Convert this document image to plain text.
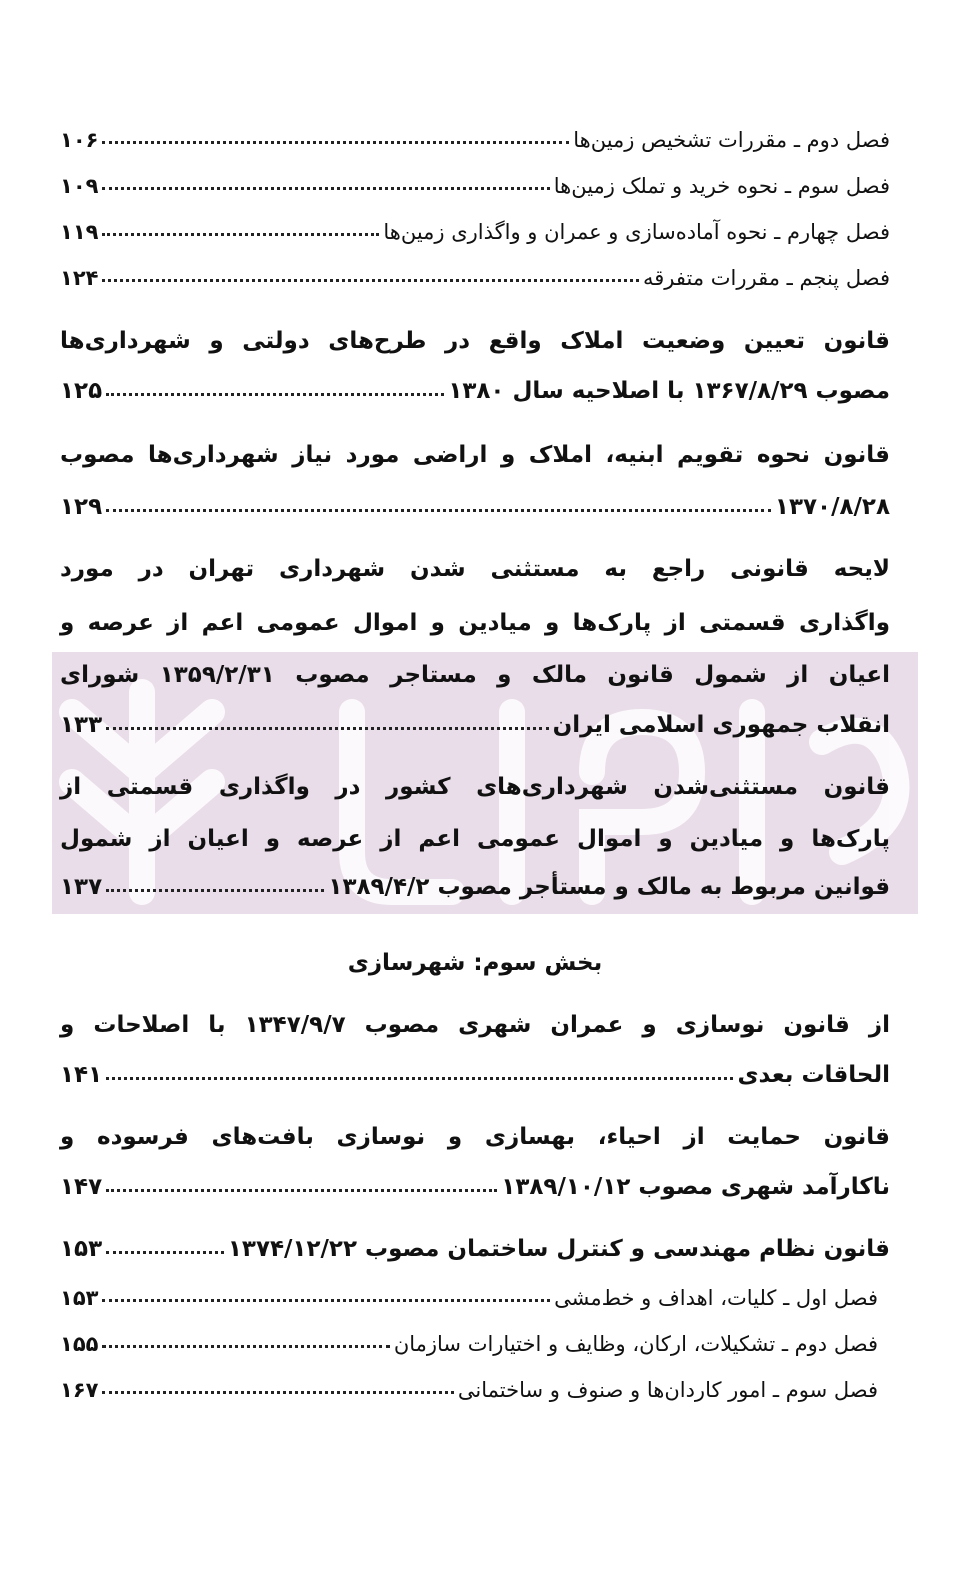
فصل دوم ـ مقررات تشخیص زمین‌ها
۱۰۶
فصل سوم ـ نحوه خرید و تملک زمین‌ها
۱۰۹
فصل چهارم ـ نحوه آماده‌سازی و عمران و واگذاری زمین‌ها
۱۱۹
فصل پنجم ـ مقررات متفرقه
۱۲۴
قانون تعیین وضعیت املاک واقع در طرح‌های دولتی و شهرداری‌ها
مصوب ۱۳۶۷/۸/۲۹ با اصلاحیه سال ۱۳۸۰
۱۲۵
قانون نحوه تقویم ابنیه، املاک و اراضی مورد نیاز شهرداری‌ها مصوب
۱۳۷۰/۸/۲۸
۱۲۹
لایحه قانونی راجع به مستثنی شدن شهرداری تهران در مورد
واگذاری قسمتی از پارک‌ها و میادین و اموال عمومی اعم از عرصه و
اعیان از شمول قانون مالک و مستاجر مصوب ۱۳۵۹/۲/۳۱ شورای
انقلاب جمهوری اسلامی ایران
۱۳۳
قانون مستثنی‌شدن شهرداری‌های کشور در واگذاری قسمتی از
پارک‌ها و میادین و اموال عمومی اعم از عرصه و اعیان از شمول
قوانین مربوط به مالک و مستأجر مصوب ۱۳۸۹/۴/۲
۱۳۷
بخش سوم: شهرسازی
از قانون نوسازی و عمران شهری مصوب ۱۳۴۷/۹/۷ با اصلاحات و
الحاقات بعدی
۱۴۱
قانون حمایت از احیاء، بهسازی و نوسازی بافت‌های فرسوده و
ناکارآمد شهری مصوب ۱۳۸۹/۱۰/۱۲
۱۴۷
قانون نظام مهندسی و کنترل ساختمان مصوب ۱۳۷۴/۱۲/۲۲
۱۵۳
فصل اول ـ کلیات، اهداف و خط‌مشی
۱۵۳
فصل دوم ـ تشکیلات، ارکان، وظایف و اختیارات سازمان
۱۵۵
فصل سوم ـ امور کاردان‌ها و صنوف و ساختمانی
۱۶۷
